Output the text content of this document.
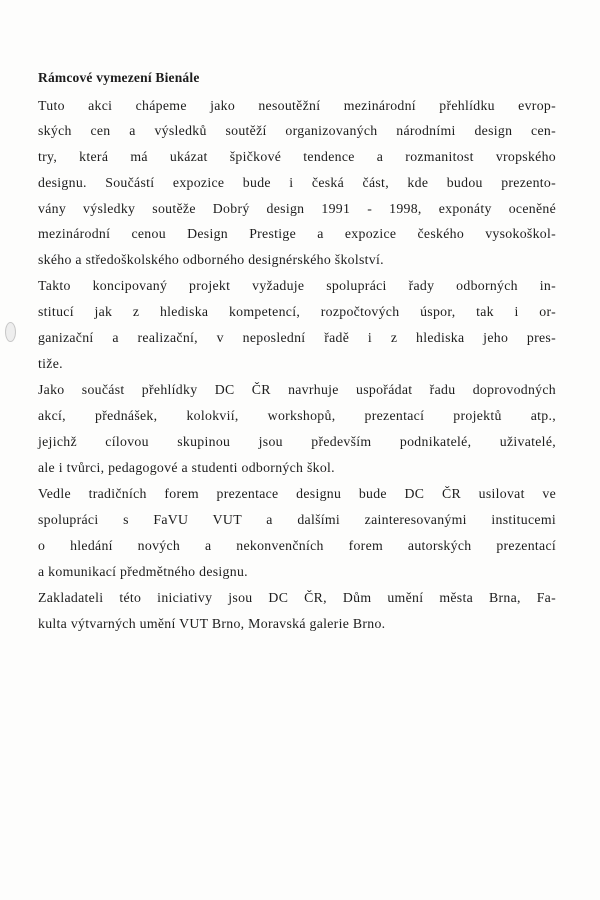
Rámcové vymezení Bienále
Tuto akci chápeme jako nesoutěžní mezinárodní přehlídku evrop-
ských cen a výsledků soutěží organizovaných národními design cen-
try, která má ukázat špičkové tendence a rozmanitost vropského
designu. Součástí expozice bude i česká část, kde budou prezento-
vány výsledky soutěže Dobrý design 1991 - 1998, exponáty oceněné
mezinárodní cenou Design Prestige a expozice českého vysokoškol-
ského a středoškolského odborného designérského školství.
Takto koncipovaný projekt vyžaduje spolupráci řady odborných in-
stitucí jak z hlediska kompetencí, rozpočtových úspor, tak i or-
ganizační a realizační, v neposlední řadě i z hlediska jeho pres-
tiže.
Jako součást přehlídky DC ČR navrhuje uspořádat řadu doprovodných
akcí, přednášek, kolokvií, workshopů, prezentací projektů atp.,
jejichž cílovou skupinou jsou především podnikatelé, uživatelé,
ale i tvůrci, pedagogové a studenti odborných škol.
Vedle tradičních forem prezentace designu bude DC ČR usilovat ve
spolupráci s FaVU VUT a dalšími zainteresovanými institucemi
o hledání nových a nekonvenčních forem autorských prezentací
a komunikací předmětného designu.
Zakladateli této iniciativy jsou DC ČR, Dům umění města Brna, Fa-
kulta výtvarných umění VUT Brno, Moravská galerie Brno.
